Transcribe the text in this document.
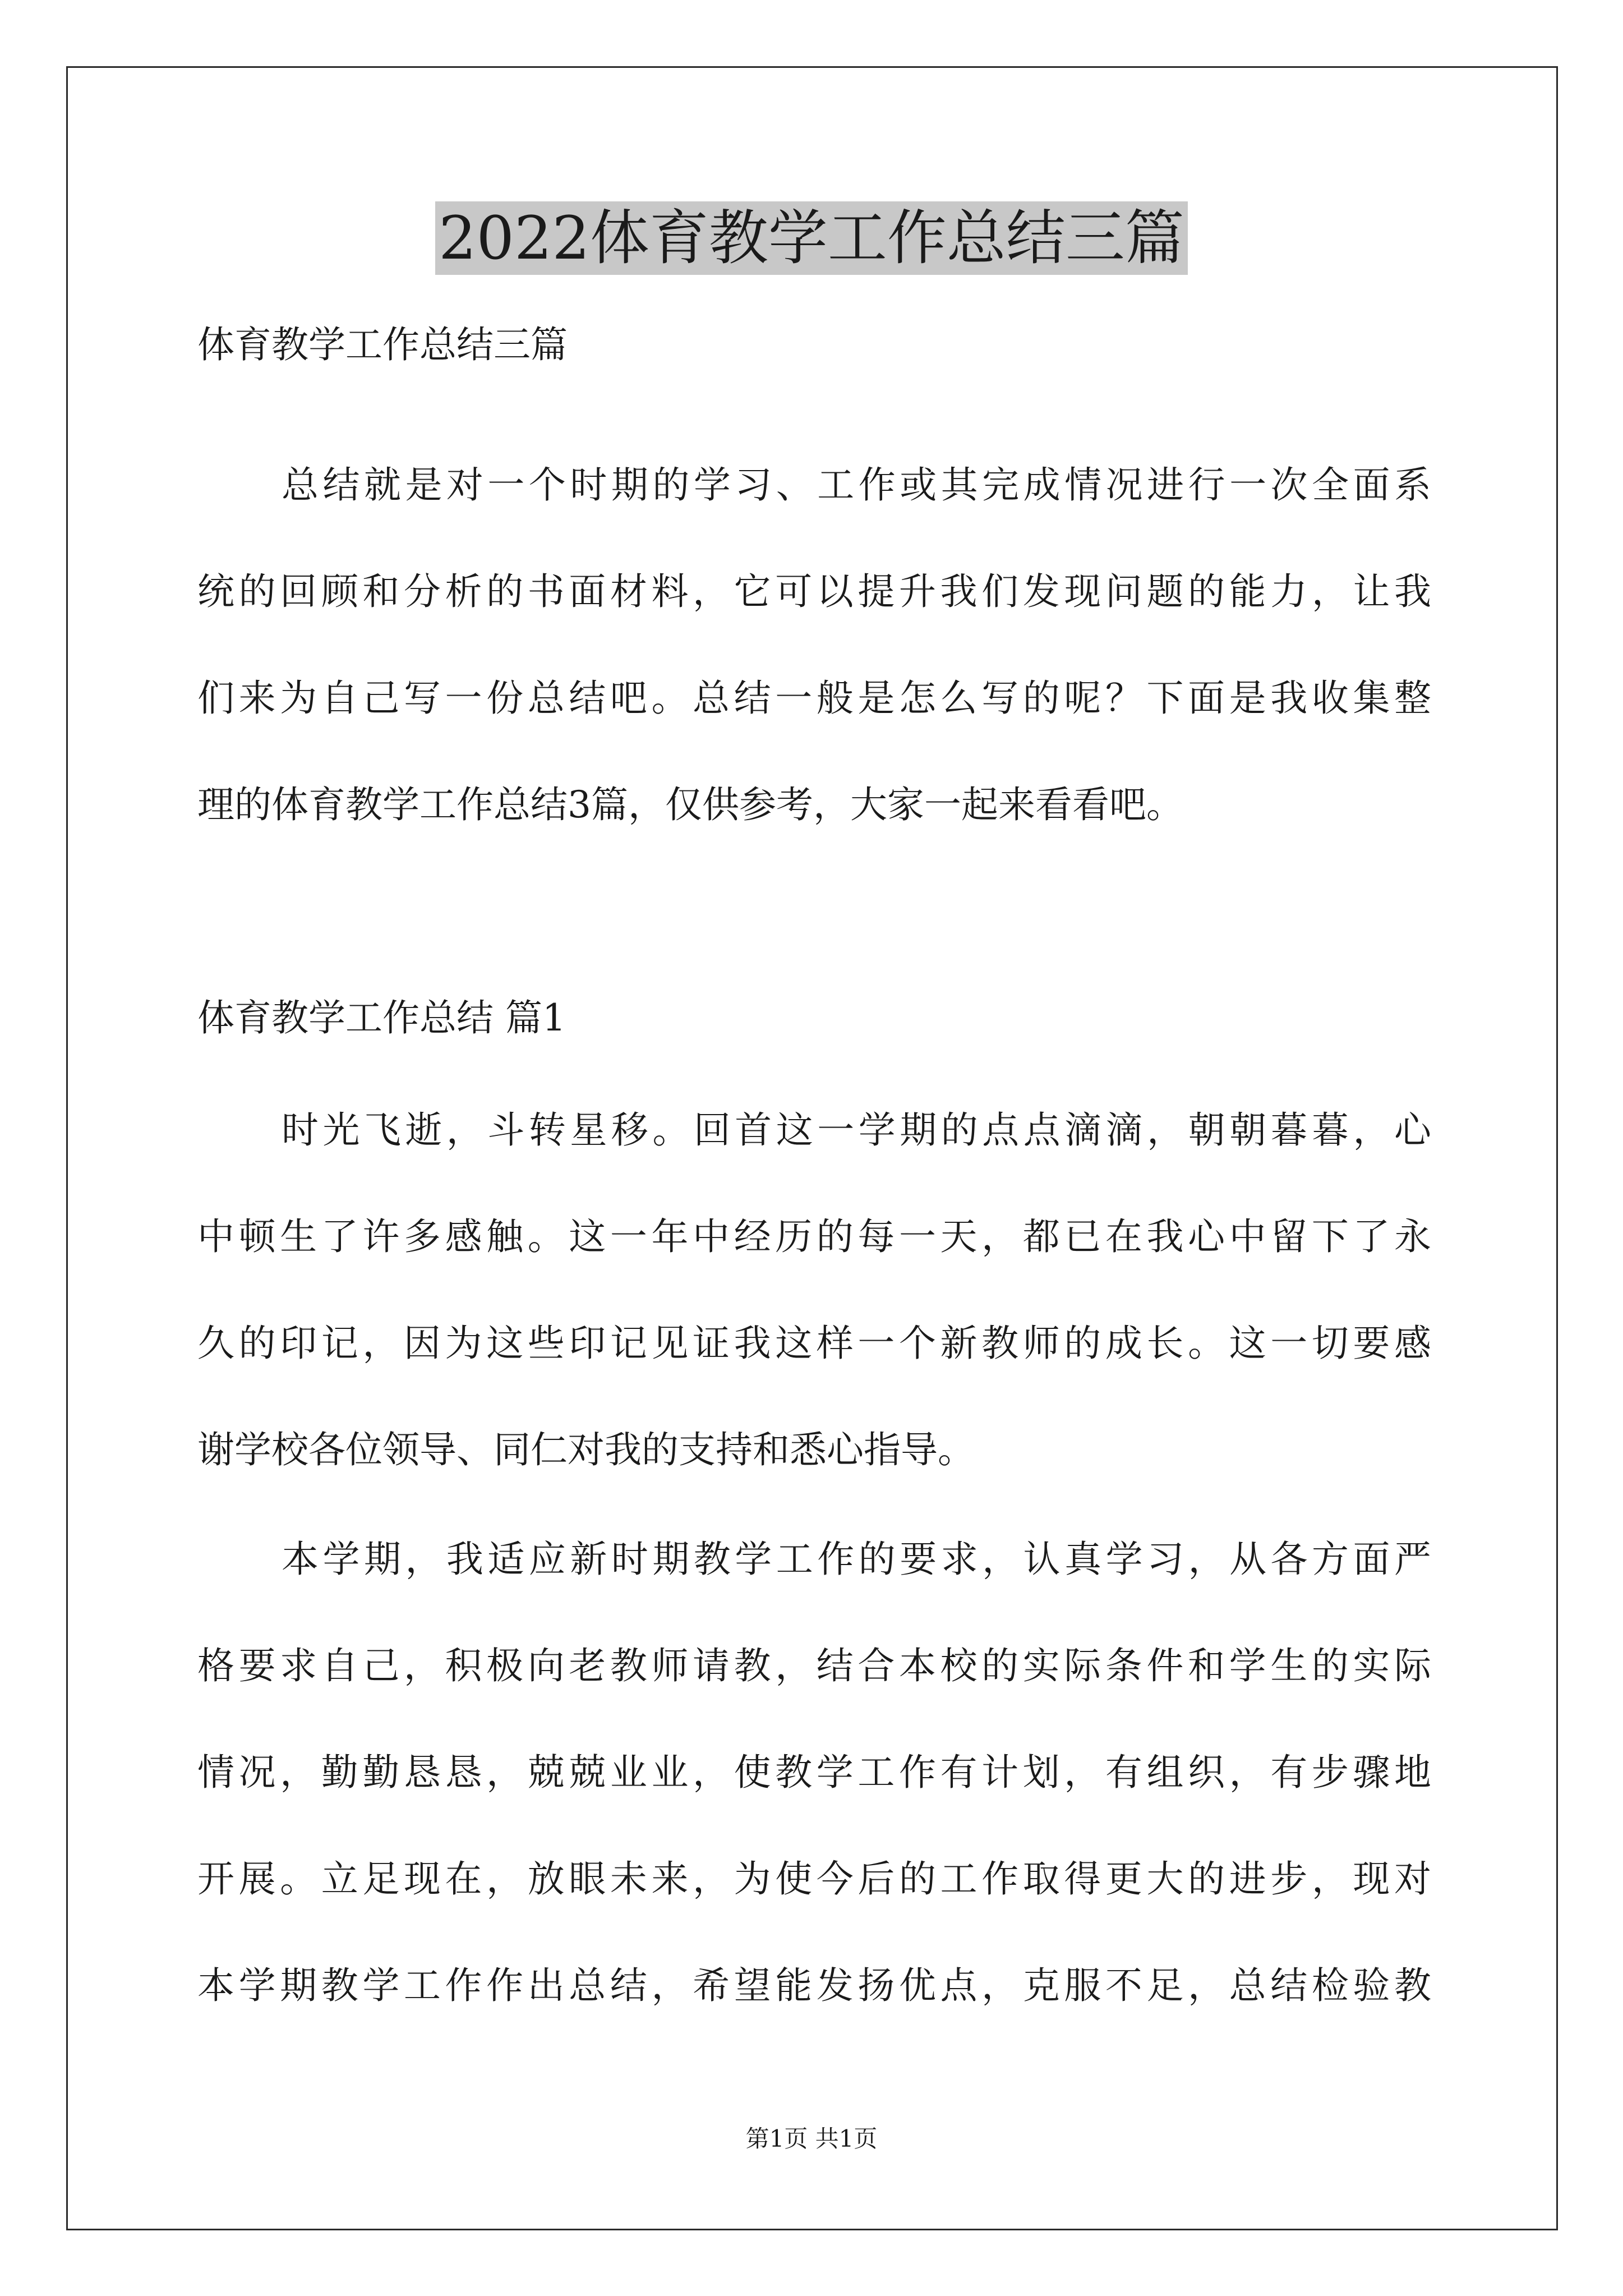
2022体育教学工作总结三篇
体育教学工作总结三篇
总结就是对一个时期的学习、工作或其完成情况进行一次全面系
统的回顾和分析的书面材料，它可以提升我们发现问题的能力，让我
们来为自己写一份总结吧。总结一般是怎么写的呢？下面是我收集整
理的体育教学工作总结3篇，仅供参考，大家一起来看看吧。
体育教学工作总结 篇1
时光飞逝，斗转星移。回首这一学期的点点滴滴，朝朝暮暮，心
中顿生了许多感触。这一年中经历的每一天，都已在我心中留下了永
久的印记，因为这些印记见证我这样一个新教师的成长。这一切要感
谢学校各位领导、同仁对我的支持和悉心指导。
本学期，我适应新时期教学工作的要求，认真学习，从各方面严
格要求自己，积极向老教师请教，结合本校的实际条件和学生的实际
情况，勤勤恳恳，兢兢业业，使教学工作有计划，有组织，有步骤地
开展。立足现在，放眼未来，为使今后的工作取得更大的进步，现对
本学期教学工作作出总结，希望能发扬优点，克服不足，总结检验教
第1页 共1页
